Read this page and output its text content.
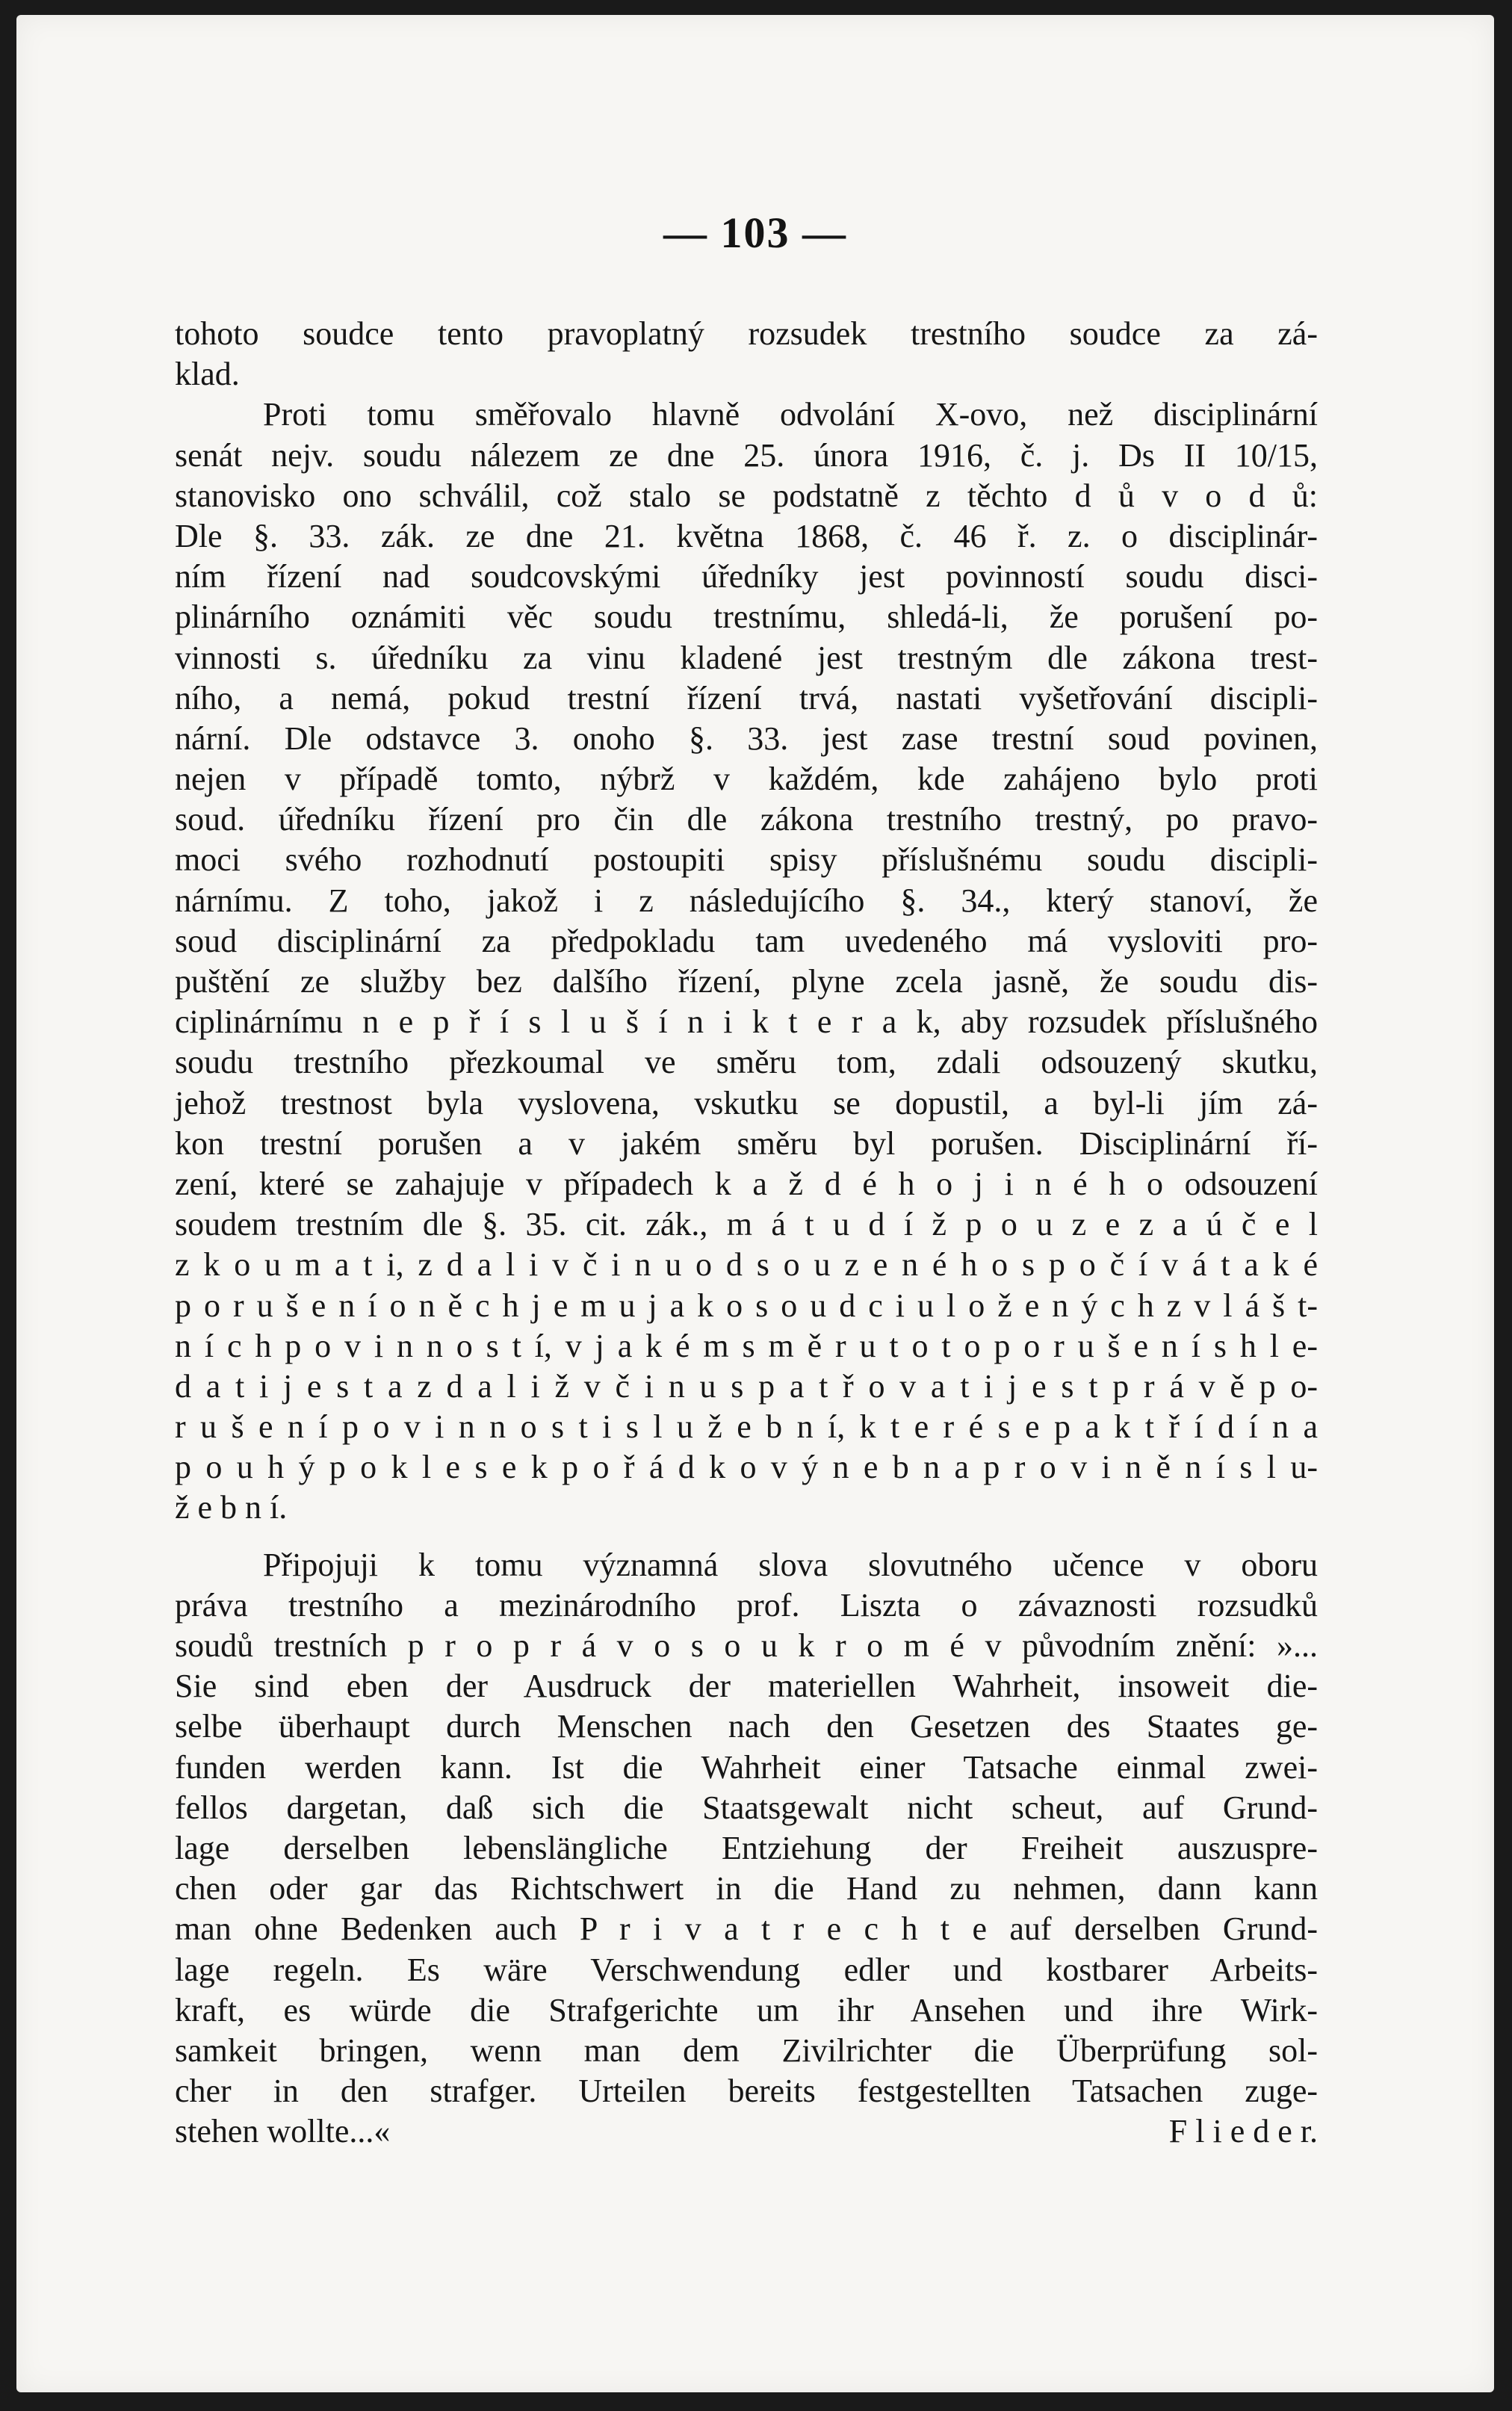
— 103 —
tohoto soudce tento pravoplatný rozsudek trestního soudce za zá-
klad.
Proti tomu směřovalo hlavně odvolání X-ovo, než disciplinární
senát nejv. soudu nálezem ze dne 25. února 1916, č. j. Ds II 10/15,
stanovisko ono schválil, což stalo se podstatně z těchto d ů v o d ů:
Dle §. 33. zák. ze dne 21. května 1868, č. 46 ř. z. o disciplinár-
ním řízení nad soudcovskými úředníky jest povinností soudu disci-
plinárního oznámiti věc soudu trestnímu, shledá-li, že porušení po-
vinnosti s. úředníku za vinu kladené jest trestným dle zákona trest-
ního, a nemá, pokud trestní řízení trvá, nastati vyšetřování discipli-
nární. Dle odstavce 3. onoho §. 33. jest zase trestní soud povinen,
nejen v případě tomto, nýbrž v každém, kde zahájeno bylo proti
soud. úředníku řízení pro čin dle zákona trestního trestný, po pravo-
moci svého rozhodnutí postoupiti spisy příslušnému soudu discipli-
nárnímu. Z toho, jakož i z následujícího §. 34., který stanoví, že
soud disciplinární za předpokladu tam uvedeného má vysloviti pro-
puštění ze služby bez dalšího řízení, plyne zcela jasně, že soudu dis-
ciplinárnímu n e p ř í s l u š í n i k t e r a k, aby rozsudek příslušného
soudu trestního přezkoumal ve směru tom, zdali odsouzený skutku,
jehož trestnost byla vyslovena, vskutku se dopustil, a byl-li jím zá-
kon trestní porušen a v jakém směru byl porušen. Disciplinární ří-
zení, které se zahajuje v případech k a ž d é h o j i n é h o odsouzení
soudem trestním dle §. 35. cit. zák., m á t u d í ž p o u z e z a ú č e l
z k o u m a t i, z d a l i v č i n u o d s o u z e n é h o s p o č í v á t a k é
p o r u š e n í o n ě c h j e m u j a k o s o u d c i u l o ž e n ý c h z v l á š t-
n í c h p o v i n n o s t í, v j a k é m s m ě r u t o t o p o r u š e n í s h l e-
d a t i j e s t a z d a l i ž v č i n u s p a t ř o v a t i j e s t p r á v ě p o-
r u š e n í p o v i n n o s t i s l u ž e b n í, k t e r é s e p a k t ř í d í n a
p o u h ý p o k l e s e k p o ř á d k o v ý n e b n a p r o v i n ě n í s l u-
ž e b n í.
Připojuji k tomu významná slova slovutného učence v oboru
práva trestního a mezinárodního prof. Liszta o závaznosti rozsudků
soudů trestních p r o p r á v o s o u k r o m é v původním znění: »...
Sie sind eben der Ausdruck der materiellen Wahrheit, insoweit die-
selbe überhaupt durch Menschen nach den Gesetzen des Staates ge-
funden werden kann. Ist die Wahrheit einer Tatsache einmal zwei-
fellos dargetan, daß sich die Staatsgewalt nicht scheut, auf Grund-
lage derselben lebenslängliche Entziehung der Freiheit auszuspre-
chen oder gar das Richtschwert in die Hand zu nehmen, dann kann
man ohne Bedenken auch P r i v a t r e c h t e auf derselben Grund-
lage regeln. Es wäre Verschwendung edler und kostbarer Arbeits-
kraft, es würde die Strafgerichte um ihr Ansehen und ihre Wirk-
samkeit bringen, wenn man dem Zivilrichter die Überprüfung sol-
cher in den strafger. Urteilen bereits festgestellten Tatsachen zuge-
stehen wollte...«	F l i e d e r.
